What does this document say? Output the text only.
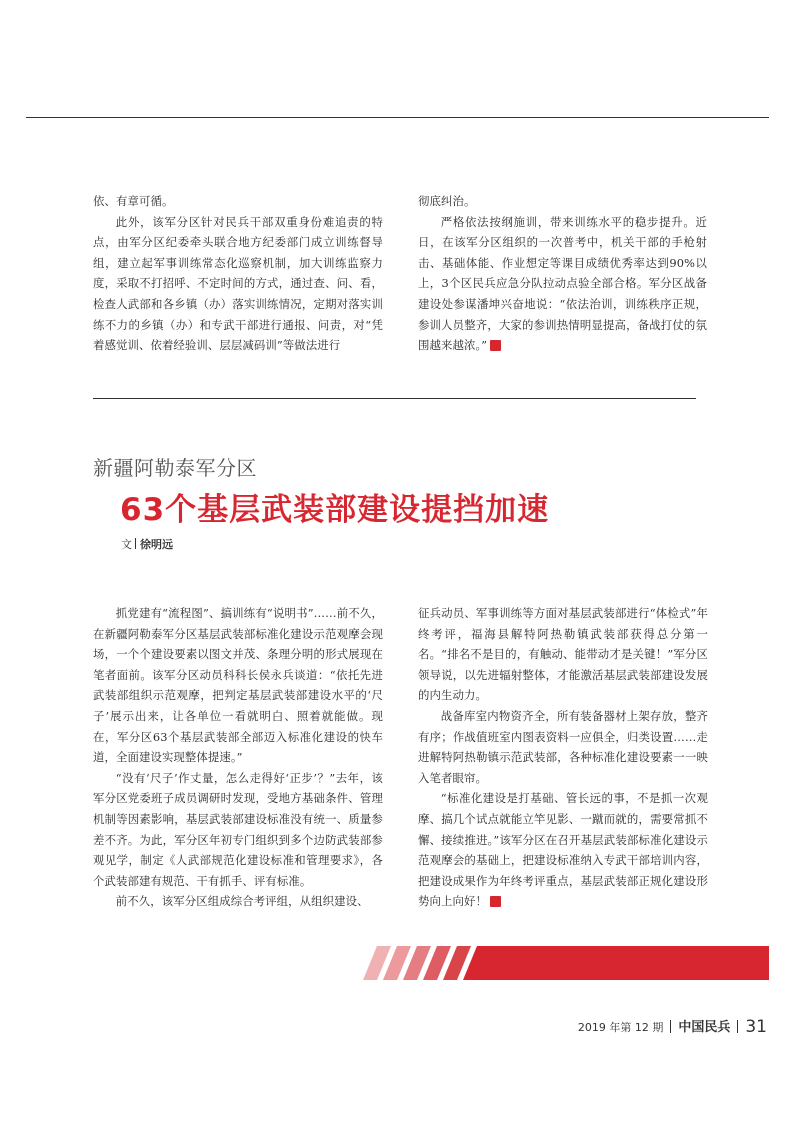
依、有章可循。

此外，该军分区针对民兵干部双重身份难追责的特点，由军分区纪委牵头联合地方纪委部门成立训练督导组，建立起军事训练常态化巡察机制，加大训练监察力度，采取不打招呼、不定时间的方式，通过查、问、看，检查人武部和各乡镇（办）落实训练情况，定期对落实训练不力的乡镇（办）和专武干部进行通报、问责，对“凭着感觉训、依着经验训、层层减码训”等做法进行

彻底纠治。

严格依法按纲施训，带来训练水平的稳步提升。近日，在该军分区组织的一次普考中，机关干部的手枪射击、基础体能、作业想定等课目成绩优秀率达到90%以上，3个区民兵应急分队拉动点验全部合格。军分区战备建设处参谋潘坤兴奋地说：“依法治训，训练秩序正规，参训人员整齐，大家的参训热情明显提高，备战打仗的氛围越来越浓。”	军

新疆阿勒泰军分区
63个基层武装部建设提挡加速
文 徐明远

抓党建有“流程图”、搞训练有“说明书”……前不久，在新疆阿勒泰军分区基层武装部标准化建设示范观摩会现场，一个个建设要素以图文并茂、条理分明的形式展现在笔者面前。该军分区动员科科长侯永兵谈道：“依托先进武装部组织示范观摩，把判定基层武装部建设水平的‘尺子’展示出来，让各单位一看就明白、照着就能做。现在，军分区63个基层武装部全部迈入标准化建设的快车道，全面建设实现整体提速。”

“没有‘尺子’作丈量，怎么走得好‘正步’？”去年，该军分区党委班子成员调研时发现，受地方基础条件、管理机制等因素影响，基层武装部建设标准没有统一、质量参差不齐。为此，军分区年初专门组织到多个边防武装部参观见学，制定《人武部规范化建设标准和管理要求》，各个武装部建有规范、干有抓手、评有标准。

前不久，该军分区组成综合考评组，从组织建设、

征兵动员、军事训练等方面对基层武装部进行“体检式”年终考评，福海县解特阿热勒镇武装部获得总分第一名。“排名不是目的，有触动、能带动才是关键！”军分区领导说，以先进辐射整体，才能激活基层武装部建设发展的内生动力。

战备库室内物资齐全，所有装备器材上架存放，整齐有序；作战值班室内图表资料一应俱全，归类设置……走进解特阿热勒镇示范武装部，各种标准化建设要素一一映入笔者眼帘。

“标准化建设是打基础、管长远的事，不是抓一次观摩、搞几个试点就能立竿见影、一蹴而就的，需要常抓不懈、接续推进。”该军分区在召开基层武装部标准化建设示范观摩会的基础上，把建设标准纳入专武干部培训内容，把建设成果作为年终考评重点，基层武装部正规化建设形势向上向好！	军

2019 年第 12 期 中国民兵 31
